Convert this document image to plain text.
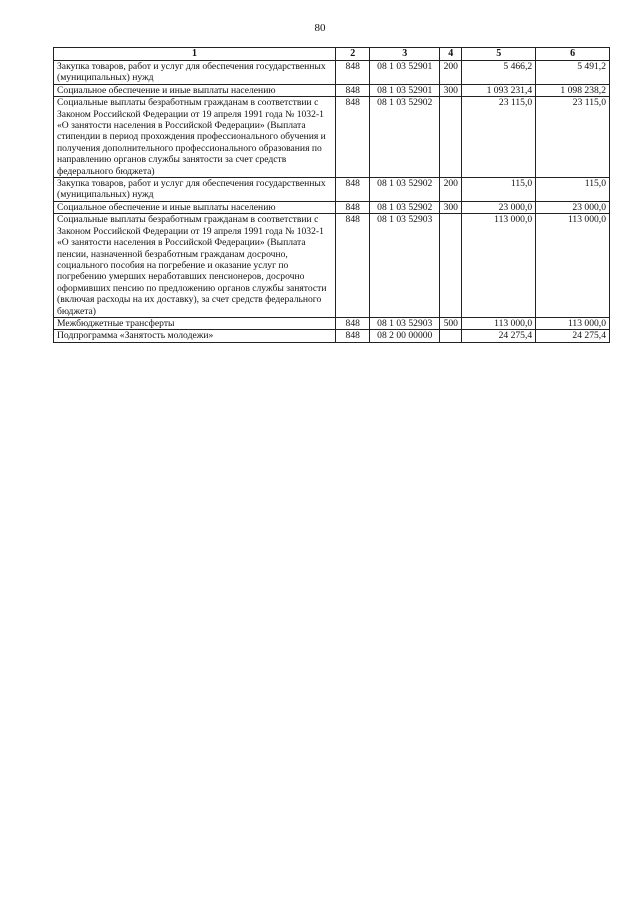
80
1	2	3	4	5	6
Закупка товаров, работ и услуг для обеспечения государственных (муниципальных) нужд	848	08 1 03 52901	200	5 466,2	5 491,2
Социальное обеспечение и иные выплаты населению	848	08 1 03 52901	300	1 093 231,4	1 098 238,2
Социальные выплаты безработным гражданам в соответствии с Законом Российской Федерации от 19 апреля 1991 года № 1032-1 «О занятости населения в Российской Федерации» (Выплата стипендии в период прохождения профессионального обучения и получения дополнительного профессионального образования по направлению органов службы занятости за счет средств федерального бюджета)	848	08 1 03 52902		23 115,0	23 115,0
Закупка товаров, работ и услуг для обеспечения государственных (муниципальных) нужд	848	08 1 03 52902	200	115,0	115,0
Социальное обеспечение и иные выплаты населению	848	08 1 03 52902	300	23 000,0	23 000,0
Социальные выплаты безработным гражданам в соответствии с Законом Российской Федерации от 19 апреля 1991 года № 1032-1 «О занятости населения в Российской Федерации» (Выплата пенсии, назначенной безработным гражданам досрочно, социального пособия на погребение и оказание услуг по погребению умерших неработавших пенсионеров, досрочно оформивших пенсию по предложению органов службы занятости (включая расходы на их доставку), за счет средств федерального бюджета)	848	08 1 03 52903		113 000,0	113 000,0
Межбюджетные трансферты	848	08 1 03 52903	500	113 000,0	113 000,0
Подпрограмма «Занятость молодежи»	848	08 2 00 00000		24 275,4	24 275,4
